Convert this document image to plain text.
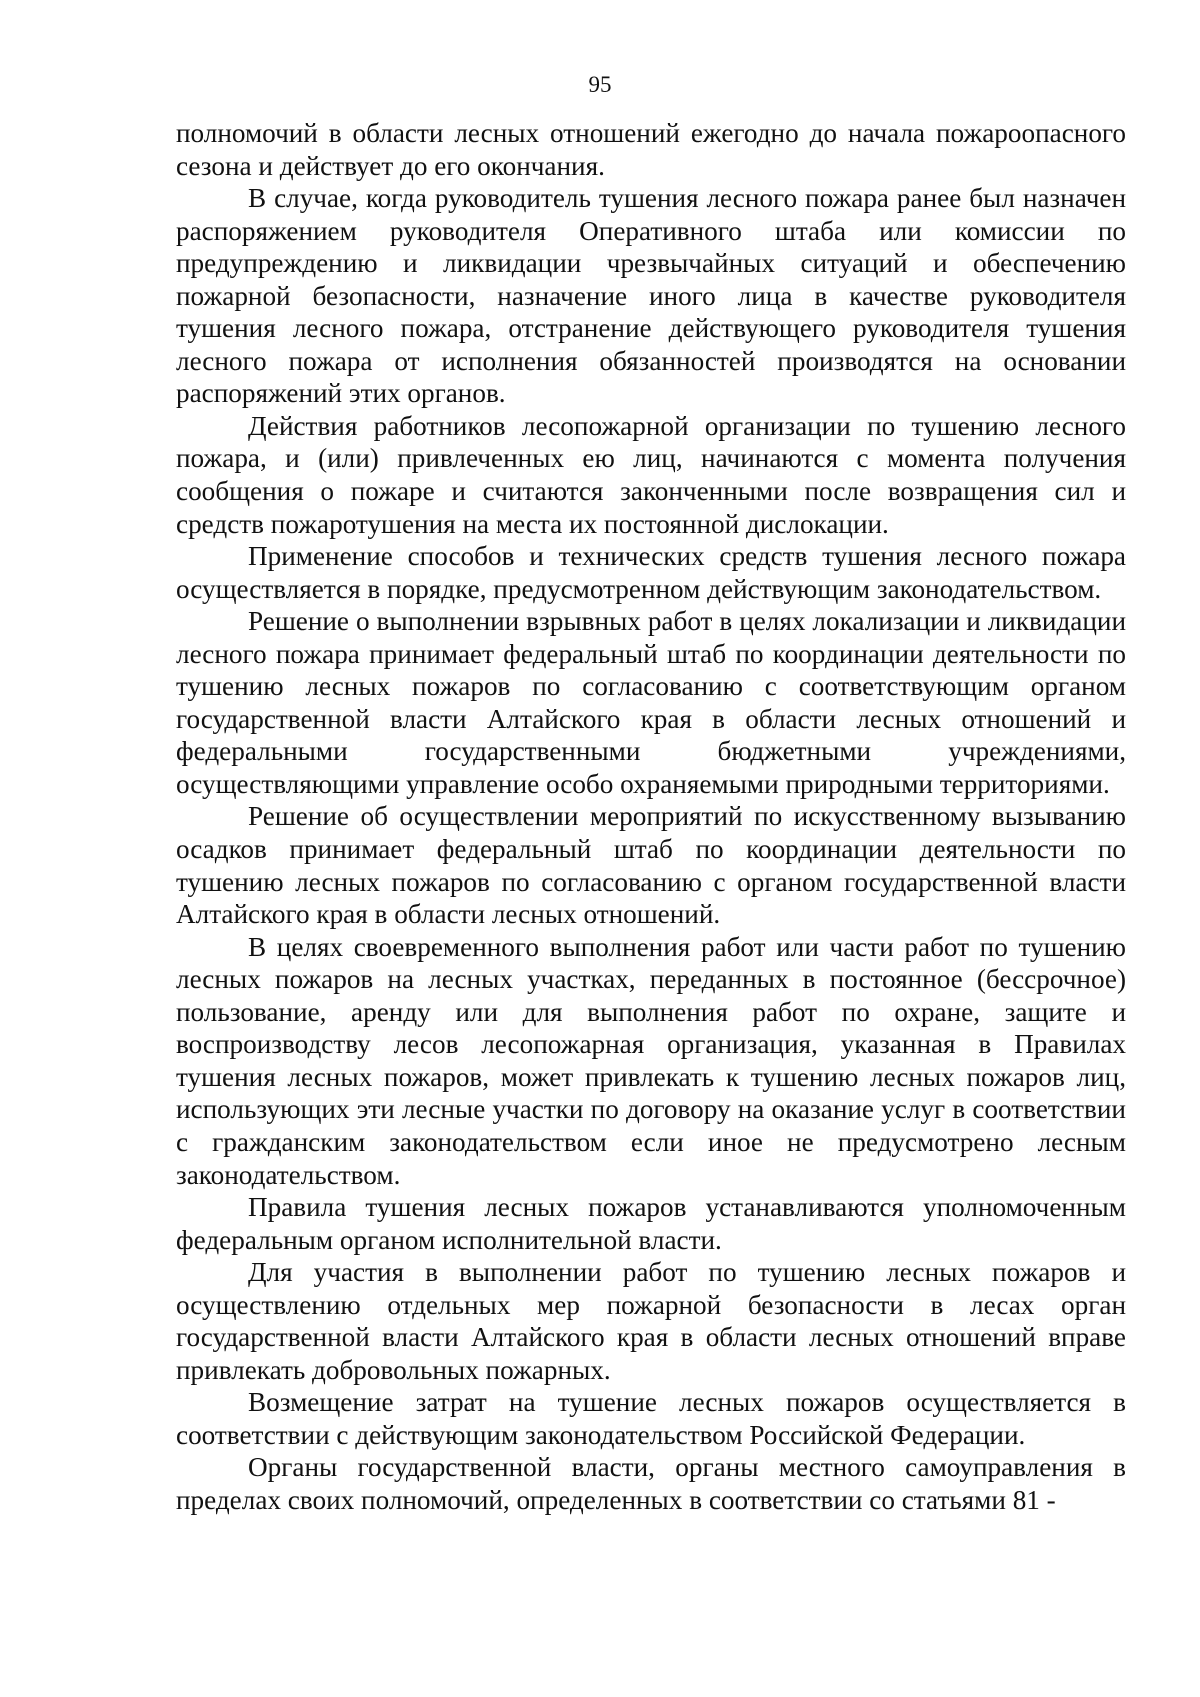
95

полномочий в области лесных отношений ежегодно до начала пожароопасного сезона и действует до его окончания.

В случае, когда руководитель тушения лесного пожара ранее был назначен распоряжением руководителя Оперативного штаба или комиссии по предупреждению и ликвидации чрезвычайных ситуаций и обеспечению пожарной безопасности, назначение иного лица в качестве руководителя тушения лесного пожара, отстранение действующего руководителя тушения лесного пожара от исполнения обязанностей производятся на основании распоряжений этих органов.

Действия работников лесопожарной организации по тушению лесного пожара, и (или) привлеченных ею лиц, начинаются с момента получения сообщения о пожаре и считаются законченными после возвращения сил и средств пожаротушения на места их постоянной дислокации.

Применение способов и технических средств тушения лесного пожара осуществляется в порядке, предусмотренном действующим законодательством.

Решение о выполнении взрывных работ в целях локализации и ликвидации лесного пожара принимает федеральный штаб по координации деятельности по тушению лесных пожаров по согласованию с соответствующим органом государственной власти Алтайского края в области лесных отношений и федеральными государственными бюджетными учреждениями, осуществляющими управление особо охраняемыми природными территориями.

Решение об осуществлении мероприятий по искусственному вызыванию осадков принимает федеральный штаб по координации деятельности по тушению лесных пожаров по согласованию с органом государственной власти Алтайского края в области лесных отношений.

В целях своевременного выполнения работ или части работ по тушению лесных пожаров на лесных участках, переданных в постоянное (бессрочное) пользование, аренду или для выполнения работ по охране, защите и воспроизводству лесов лесопожарная организация, указанная в Правилах тушения лесных пожаров, может привлекать к тушению лесных пожаров лиц, использующих эти лесные участки по договору на оказание услуг в соответствии с гражданским законодательством если иное не предусмотрено лесным законодательством.

Правила тушения лесных пожаров устанавливаются уполномоченным федеральным органом исполнительной власти.

Для участия в выполнении работ по тушению лесных пожаров и осуществлению отдельных мер пожарной безопасности в лесах орган государственной власти Алтайского края в области лесных отношений вправе привлекать добровольных пожарных.

Возмещение затрат на тушение лесных пожаров осуществляется в соответствии с действующим законодательством Российской Федерации.

Органы государственной власти, органы местного самоуправления в пределах своих полномочий, определенных в соответствии со статьями 81 -
